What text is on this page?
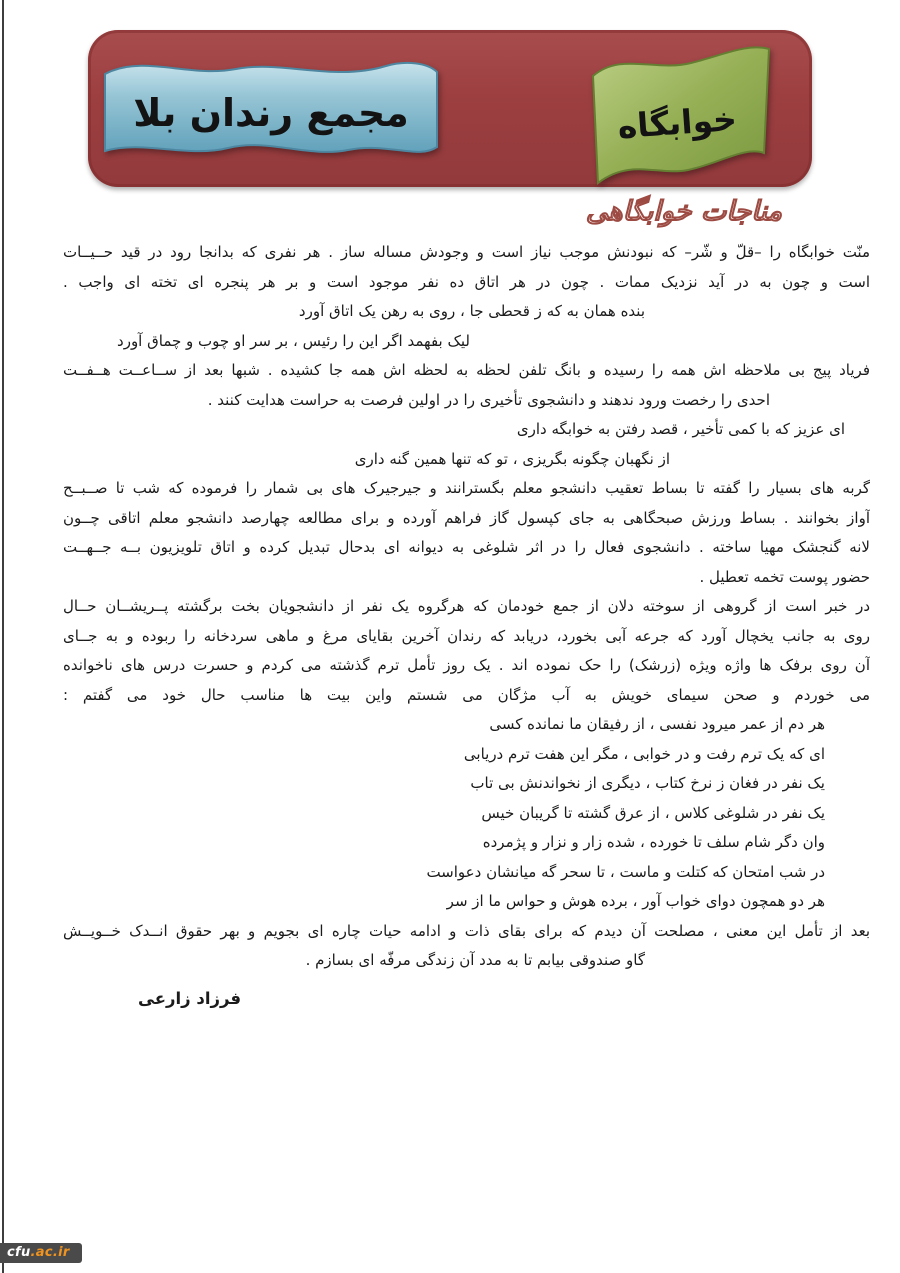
مجمع رندان بلا	خوابگاه
مناجات خوابگاهی
منّت خوابگاه را –قلّ و شّر– که نبودنش موجب نیاز است و وجودش مساله ساز . هر نفری که بدانجا رود در قید حــیــات
است و چون به در آید نزدیک ممات . چون در هر اتاق ده نفر موجود است و بر هر پنجره ای تخته ای واجب .
بنده همان به که ز قحطی جا ، روی به رهن یک اتاق آورد
لیک بفهمد اگر این را رئیس ، بر سر او چوب و چماق آورد
فریاد پیج بی ملاحظه اش همه را رسیده و بانگ تلفن لحظه به لحظه اش همه جا کشیده . شبها بعد از ســاعــت هــفــت
احدی را رخصت ورود ندهند و دانشجوی تأخیری را در اولین فرصت به حراست هدایت کنند .
ای عزیز که با کمی تأخیر ، قصد رفتن به خوابگه داری
از نگهبان چگونه بگریزی ، تو که تنها همین گنه داری
گربه های بسیار را گفته تا بساط تعقیب دانشجو معلم بگسترانند و جیرجیرک های بی شمار را فرموده که شب تا صــبــح
آواز بخوانند . بساط ورزش صبحگاهی به جای کپسول گاز فراهم آورده و برای مطالعه چهارصد دانشجو معلم اتاقی چــون
لانه گنجشک مهیا ساخته . دانشجوی فعال را در اثر شلوغی به دیوانه ای بدحال تبدیل کرده و اتاق تلویزیون بــه جــهــت
حضور پوست تخمه تعطیل .
در خبر است از گروهی از سوخته دلان از جمع خودمان که هرگروه یک نفر از دانشجویان بخت برگشته پــریشــان حــال
روی به جانب یخچال آورد که جرعه آبی بخورد، دریابد که رندان آخرین بقایای مرغ و ماهی سردخانه را ربوده و به جــای
آن روی برفک ها واژه ویژه (زرشک) را حک نموده اند . یک روز تأمل ترم گذشته می کردم و حسرت درس های ناخوانده
می خوردم و صحن سیمای خویش به آب مژگان می شستم واین بیت ها مناسب حال خود می گفتم :
هر دم از عمر میرود نفسی ، از رفیقان ما نمانده کسی
ای که یک ترم رفت و در خوابی ، مگر این هفت ترم دریابی
یک نفر در فغان ز نرخ کتاب ، دیگری از نخواندنش بی تاب
یک نفر در شلوغی کلاس ، از عرق گشته تا گریبان خیس
وان دگر شام سلف تا خورده ، شده زار و نزار و پژمرده
در شب امتحان که کتلت و ماست ، تا سحر گه میانشان دعواست
هر دو همچون دوای خواب آور ، برده هوش و حواس ما از سر
بعد از تأمل این معنی ، مصلحت آن دیدم که برای بقای ذات و ادامه حیات چاره ای بجویم و بهر حقوق انــدک خــویــش
گاو صندوقی بیابم تا به مدد آن زندگی مرفّه ای بسازم .
فرزاد زارعی
cfu.ac.ir
